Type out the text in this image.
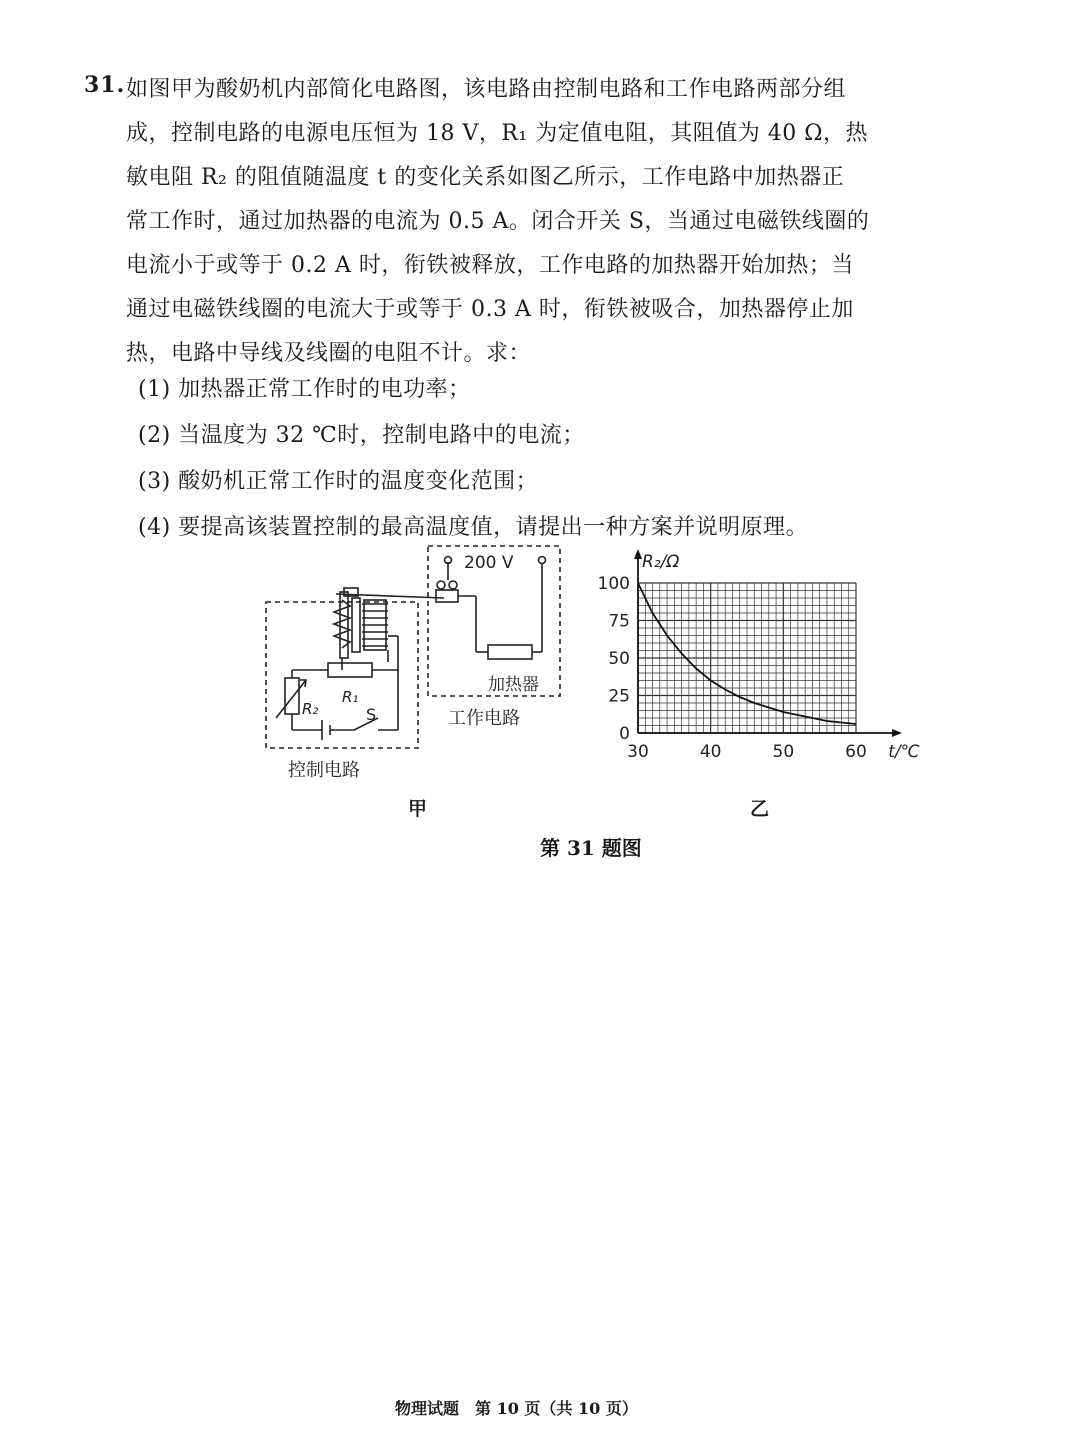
31. 如图甲为酸奶机内部简化电路图，该电路由控制电路和工作电路两部分组
成，控制电路的电源电压恒为 18 V，R₁ 为定值电阻，其阻值为 40 Ω，热
敏电阻 R₂ 的阻值随温度 t 的变化关系如图乙所示，工作电路中加热器正
常工作时，通过加热器的电流为 0.5 A。闭合开关 S，当通过电磁铁线圈的
电流小于或等于 0.2 A 时，衔铁被释放，工作电路的加热器开始加热；当
通过电磁铁线圈的电流大于或等于 0.3 A 时，衔铁被吸合，加热器停止加
热，电路中导线及线圈的电阻不计。求：
(1) 加热器正常工作时的电功率；
(2) 当温度为 32 ℃时，控制电路中的电流；
(3) 酸奶机正常工作时的温度变化范围；
(4) 要提高该装置控制的最高温度值，请提出一种方案并说明原理。
200 V
加热器
R₁
R₂	S	工作电路
控制电路
0
25
50
75
100
30	40	50	60 t/℃
R₂/Ω
甲	乙
第 31 题图
物理试题 第 10 页（共 10 页）
